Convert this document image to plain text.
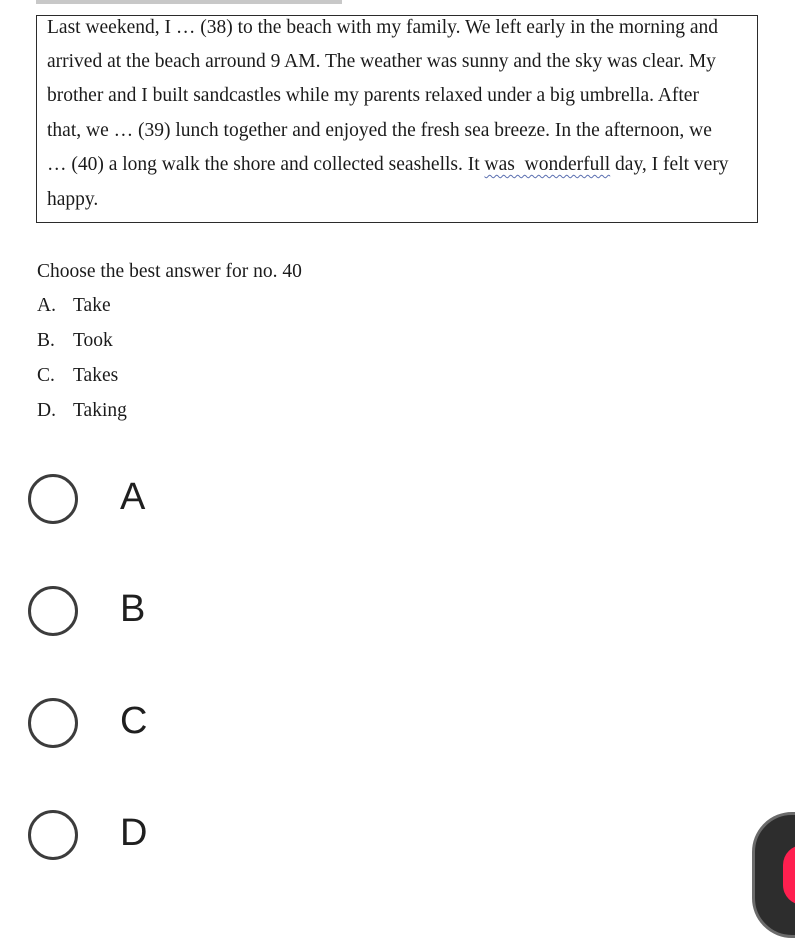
Last weekend, I … (38) to the beach with my family. We left early in the morning and
arrived at the beach arround 9 AM. The weather was sunny and the sky was clear. My
brother and I built sandcastles while my parents relaxed under a big umbrella. After
that, we … (39) lunch together and enjoyed the fresh sea breeze. In the afternoon, we
… (40) a long walk the shore and collected seashells. It was  wonderfull day, I felt very
happy.
Choose the best answer for no. 40
A. Take
B. Took
C. Takes
D. Taking
A
B
C
D
